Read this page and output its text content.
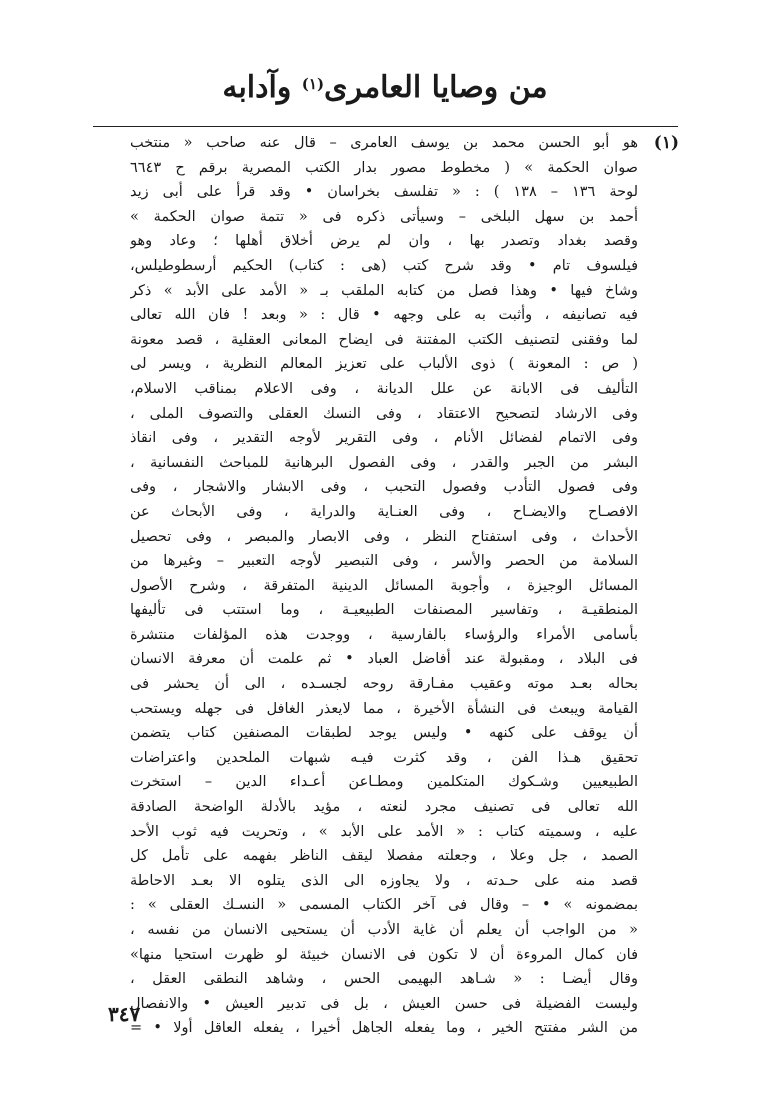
من وصايا العامرى$^{(١)}$ وآدابه
(١)
هو أبو الحسن محمد بن يوسف العامرى – قال عنه صاحب « منتخب
صوان الحكمة » ( مخطوط مصور بدار الكتب المصرية برقم ح ٦٦٤٣
لوحة ١٣٦ – ١٣٨ ) : « تفلسف بخراسان • وقد قرأ على أبى زيد
أحمد بن سهل البلخى – وسيأتى ذكره فى « تتمة صوان الحكمة »
وقصد بغداد وتصدر بها ، وان لم يرض أخلاق أهلها ؛ وعاد وهو
فيلسوف تام • وقد شرح كتب (هى : كتاب) الحكيم أرسطوطيلس،
وشاخ فيها • وهذا فصل من كتابه الملقب بـ « الأمد على الأبد » ذكر
فيه تصانيفه ، وأثبت به على وجهه • قال : « وبعد ! فان الله تعالى
لما وفقنى لتصنيف الكتب المفتنة فى ايضاح المعانى العقلية ، قصد معونة
( ص : المعونة ) ذوى الألباب على تعزيز المعالم النظرية ، ويسر لى
التأليف فى الابانة عن علل الديانة ، وفى الاعلام بمناقب الاسلام،
وفى الارشاد لتصحيح الاعتقاد ، وفى النسك العقلى والتصوف الملى ،
وفى الاتمام لفضائل الأنام ، وفى التقرير لأوجه التقدير ، وفى انقاذ
البشر من الجبر والقدر ، وفى الفصول البرهانية للمباحث النفسانية ،
وفى فصول التأدب وفصول التحبب ، وفى الابشار والاشجار ، وفى
الافصـاح والايضـاح ، وفى العنـاية والدراية ، وفى الأبحاث عن
الأحداث ، وفى استفتاح النظر ، وفى الابصار والمبصر ، وفى تحصيل
السلامة من الحصر والأسر ، وفى التبصير لأوجه التعبير – وغيرها من
المسائل الوجيزة ، وأجوبة المسائل الدينية المتفرقة ، وشرح الأصول
المنطقيـة ، وتفاسير المصنفات الطبيعيـة ، وما استتب فى تأليفها
بأسامى الأمراء والرؤساء بالفارسية ، ووجدت هذه المؤلفات منتشرة
فى البلاد ، ومقبولة عند أفاضل العباد • ثم علمت أن معرفة الانسان
بحاله بعـد موته وعقيب مفـارقة روحه لجسـده ، الى أن يحشر فى
القيامة ويبعث فى النشأة الأخيرة ، مما لايعذر الغافل فى جهله ويستحب
أن يوقف على كنهه • وليس يوجد لطبقات المصنفين كتاب يتضمن
تحقيق هـذا الفن ، وقد كثرت فيـه شبهات الملحدين واعتراضات
الطبيعيين وشـكوك المتكلمين ومطـاعن أعـداء الدين – استخرت
الله تعالى فى تصنيف مجرد لنعته ، مؤيد بالأدلة الواضحة الصادقة
عليه ، وسميته كتاب : « الأمد على الأبد » ، وتحريت فيه ثوب الأحد
الصمد ، جل وعلا ، وجعلته مفصلا ليقف الناظر بفهمه على تأمل كل
قصد منه على حـدته ، ولا يجاوزه الى الذى يتلوه الا بعـد الاحاطة
بمضمونه » • – وقال فى آخر الكتاب المسمى « النسـك العقلى » :
« من الواجب أن يعلم أن غاية الأدب أن يستحيى الانسان من نفسه ،
فان كمال المروءة أن لا تكون فى الانسان خبيئة لو ظهرت استحيا منها»
وقال أيضـا : « شـاهد البهيمى الحس ، وشاهد النطقى العقل ،
وليست الفضيلة فى حسن العيش ، بل فى تدبير العيش • والانفصال
من الشر مفتتح الخير ، وما يفعله الجاهل أخيرا ، يفعله العاقل أولا • =
٣٤٧
